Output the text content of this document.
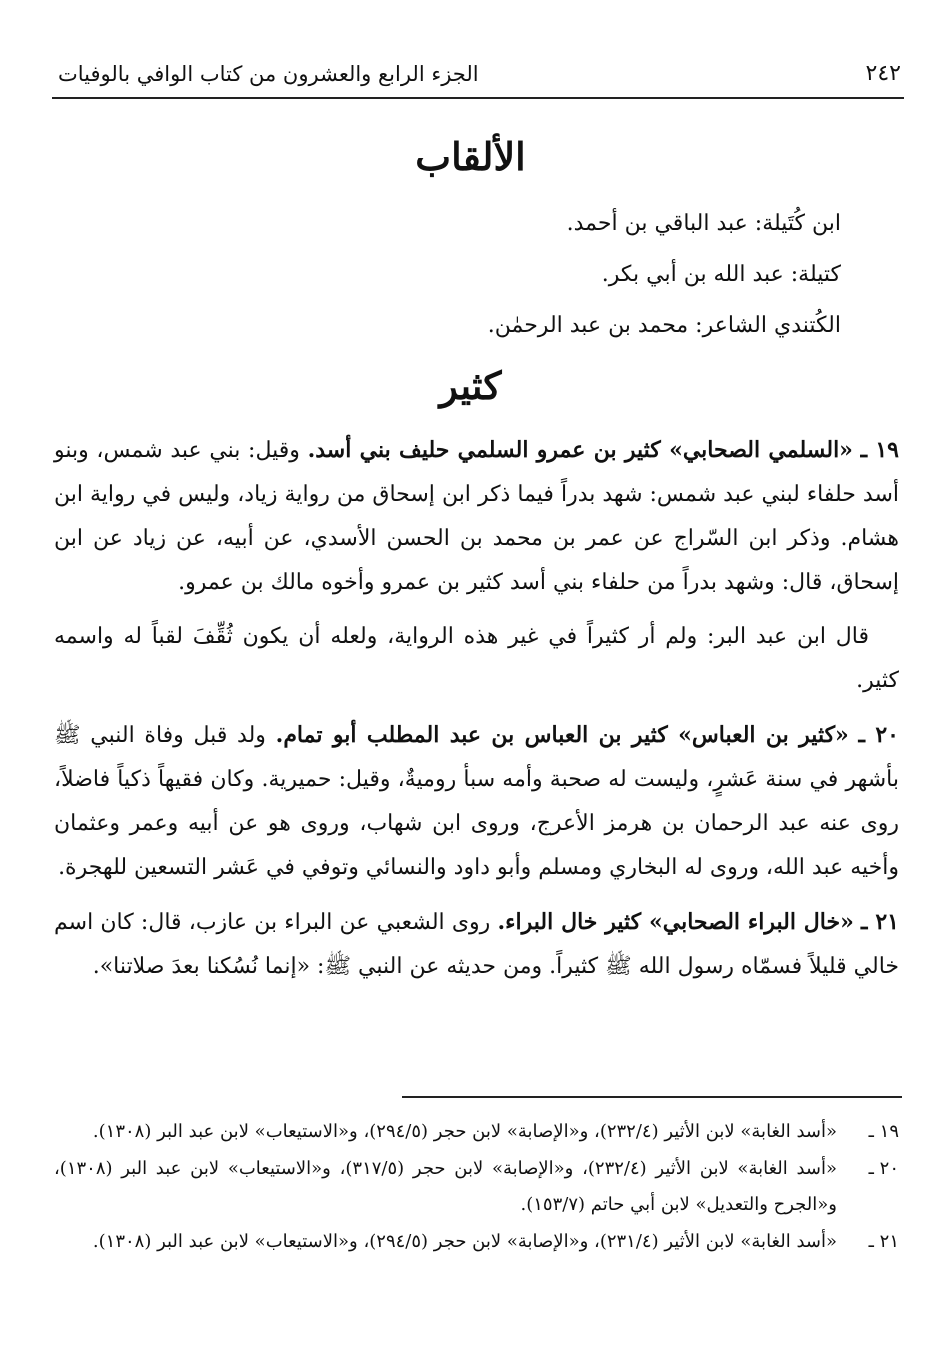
٢٤٢
الجزء الرابع والعشرون من كتاب الوافي بالوفيات
الألقاب
ابن كُتَيلة: عبد الباقي بن أحمد.
كتيلة: عبد الله بن أبي بكر.
الكُتندي الشاعر: محمد بن عبد الرحمٰن.
كثير

١٩ ـ «السلمي الصحابي» كثير بن عمرو السلمي حليف بني أسد. وقيل: بني عبد شمس، وبنو أسد حلفاء لبني عبد شمس: شهد بدراً فيما ذكر ابن إسحاق من رواية زياد، وليس في رواية ابن هشام. وذكر ابن السّراج عن عمر بن محمد بن الحسن الأسدي، عن أبيه، عن زياد عن ابن إسحاق، قال: وشهد بدراً من حلفاء بني أسد كثير بن عمرو وأخوه مالك بن عمرو.

قال ابن عبد البر: ولم أر كثيراً في غير هذه الرواية، ولعله أن يكون ثُقِّفَ لقباً له واسمه كثير.

٢٠ ـ «كثير بن العباس» كثير بن العباس بن عبد المطلب أبو تمام. ولد قبل وفاة النبي ﷺ بأشهر في سنة عَشرٍ، وليست له صحبة وأمه سبأ روميةٌ، وقيل: حميرية. وكان فقيهاً ذكياً فاضلاً، روى عنه عبد الرحمان بن هرمز الأعرج، وروى ابن شهاب، وروى هو عن أبيه وعمر وعثمان وأخيه عبد الله، وروى له البخاري ومسلم وأبو داود والنسائي وتوفي في عَشر التسعين للهجرة.

٢١ ـ «خال البراء الصحابي» كثير خال البراء. روى الشعبي عن البراء بن عازب، قال: كان اسم خالي قليلاً فسمّاه رسول الله ﷺ كثيراً. ومن حديثه عن النبي ﷺ: «إنما نُسُكنا بعدَ صلاتنا».

١٩ ـ
«أسد الغابة» لابن الأثير (٢٣٢/٤)، و«الإصابة» لابن حجر (٢٩٤/٥)، و«الاستيعاب» لابن عبد البر (١٣٠٨).
٢٠ ـ
«أسد الغابة» لابن الأثير (٢٣٢/٤)، و«الإصابة» لابن حجر (٣١٧/٥)، و«الاستيعاب» لابن عبد البر (١٣٠٨)، و«الجرح والتعديل» لابن أبي حاتم (١٥٣/٧).
٢١ ـ
«أسد الغابة» لابن الأثير (٢٣١/٤)، و«الإصابة» لابن حجر (٢٩٤/٥)، و«الاستيعاب» لابن عبد البر (١٣٠٨).
